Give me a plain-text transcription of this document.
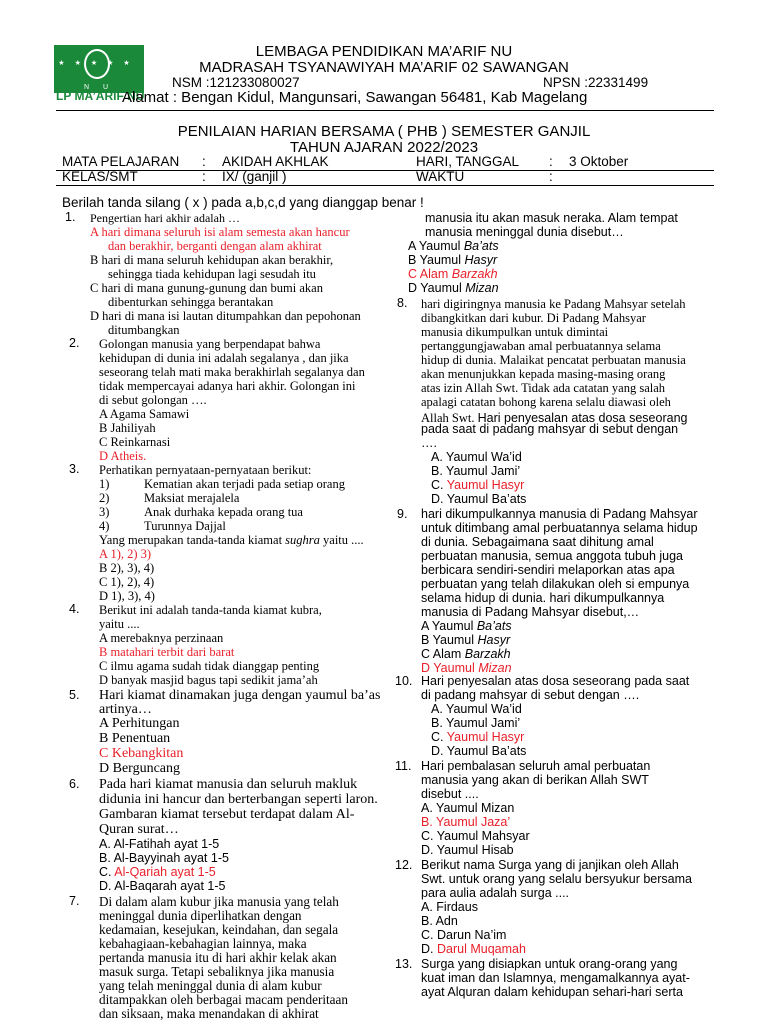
★★★★★
N U
LP MA’ARIF NU
LEMBAGA PENDIDIKAN MA’ARIF NU
MADRASAH TSYANAWIYAH MA’ARIF 02 SAWANGAN
NSM :121233080027	NPSN :22331499
Alamat : Bengan Kidul, Mangunsari, Sawangan 56481, Kab Magelang
PENILAIAN HARIAN BERSAMA ( PHB ) SEMESTER GANJIL
TAHUN AJARAN 2022/2023
MATA PELAJARAN : AKIDAH AKHLAK	HARI, TANGGAL : 3 Oktober
KELAS/SMT	: IX/ (ganjil )	WAKTU	:
Berilah tanda silang ( x ) pada a,b,c,d yang dianggap benar !
1. Pengertian hari akhir adalah …
A hari dimana seluruh isi alam semesta akan hancur
dan berakhir, berganti dengan alam akhirat
B hari di mana seluruh kehidupan akan berakhir,
sehingga tiada kehidupan lagi sesudah itu
C hari di mana gunung-gunung dan bumi akan
dibenturkan sehingga berantakan
D hari di mana isi lautan ditumpahkan dan pepohonan
ditumbangkan
2. Golongan manusia yang berpendapat bahwa
kehidupan di dunia ini adalah segalanya , dan jika
seseorang telah mati maka berakhirlah segalanya dan
tidak mempercayai adanya hari akhir. Golongan ini
di sebut golongan ….
A Agama Samawi
B Jahiliyah
C Reinkarnasi
D Atheis.
3. Perhatikan pernyataan-pernyataan berikut:
1)	Kematian akan terjadi pada setiap orang
2)	Maksiat merajalela
3)	Anak durhaka kepada orang tua
4)	Turunnya Dajjal
Yang merupakan tanda-tanda kiamat sughra yaitu ....
A 1), 2) 3)
B 2), 3), 4)
C 1), 2), 4)
D 1), 3), 4)
4. Berikut ini adalah tanda-tanda kiamat kubra,
yaitu ....
A merebaknya perzinaan
B matahari terbit dari barat
C ilmu agama sudah tidak dianggap penting
D banyak masjid bagus tapi sedikit jama’ah
5. Hari kiamat dinamakan juga dengan yaumul ba’as
artinya…
A Perhitungan
B Penentuan
C Kebangkitan
D Berguncang
6. Pada hari kiamat manusia dan seluruh makluk
didunia ini hancur dan berterbangan seperti laron.
Gambaran kiamat tersebut terdapat dalam Al-
Quran surat…
A. Al-Fatihah ayat 1-5
B. Al-Bayyinah ayat 1-5
C. Al-Qariah ayat 1-5
D. Al-Baqarah ayat 1-5
7. Di dalam alam kubur jika manusia yang telah
meninggal dunia diperlihatkan dengan
kedamaian, kesejukan, keindahan, dan segala
kebahagiaan-kebahagian lainnya, maka
pertanda manusia itu di hari akhir kelak akan
masuk surga. Tetapi sebaliknya jika manusia
yang telah meninggal dunia di alam kubur
ditampakkan oleh berbagai macam penderitaan
dan siksaan, maka menandakan di akhirat
manusia itu akan masuk neraka. Alam tempat
manusia meninggal dunia disebut…
A Yaumul Ba’ats
B Yaumul Hasyr
C Alam Barzakh
D Yaumul Mizan
8. hari digiringnya manusia ke Padang Mahsyar setelah
dibangkitkan dari kubur. Di Padang Mahsyar
manusia dikumpulkan untuk dimintai
pertanggungjawaban amal perbuatannya selama
hidup di dunia. Malaikat pencatat perbuatan manusia
akan menunjukkan kepada masing-masing orang
atas izin Allah Swt. Tidak ada catatan yang salah
apalagi catatan bohong karena selalu diawasi oleh
Allah Swt. Hari penyesalan atas dosa seseorang
pada saat di padang mahsyar di sebut dengan
….
A. Yaumul Wa’id
B. Yaumul Jami’
C. Yaumul Hasyr
D. Yaumul Ba’ats
9. hari dikumpulkannya manusia di Padang Mahsyar
untuk ditimbang amal perbuatannya selama hidup
di dunia. Sebagaimana saat dihitung amal
perbuatan manusia, semua anggota tubuh juga
berbicara sendiri-sendiri melaporkan atas apa
perbuatan yang telah dilakukan oleh si empunya
selama hidup di dunia. hari dikumpulkannya
manusia di Padang Mahsyar disebut,…
A Yaumul Ba’ats
B Yaumul Hasyr
C Alam Barzakh
D Yaumul Mizan
10. Hari penyesalan atas dosa seseorang pada saat
di padang mahsyar di sebut dengan ….
A. Yaumul Wa’id
B. Yaumul Jami’
C. Yaumul Hasyr
D. Yaumul Ba’ats
11. Hari pembalasan seluruh amal perbuatan
manusia yang akan di berikan Allah SWT
disebut ....
A. Yaumul Mizan
B. Yaumul Jaza’
C. Yaumul Mahsyar
D. Yaumul Hisab
12. Berikut nama Surga yang di janjikan oleh Allah
Swt. untuk orang yang selalu bersyukur bersama
para aulia adalah surga ....
A. Firdaus
B. Adn
C. Darun Na’im
D. Darul Muqamah
13. Surga yang disiapkan untuk orang-orang yang
kuat iman dan Islamnya, mengamalkannya ayat-
ayat Alquran dalam kehidupan sehari-hari serta
